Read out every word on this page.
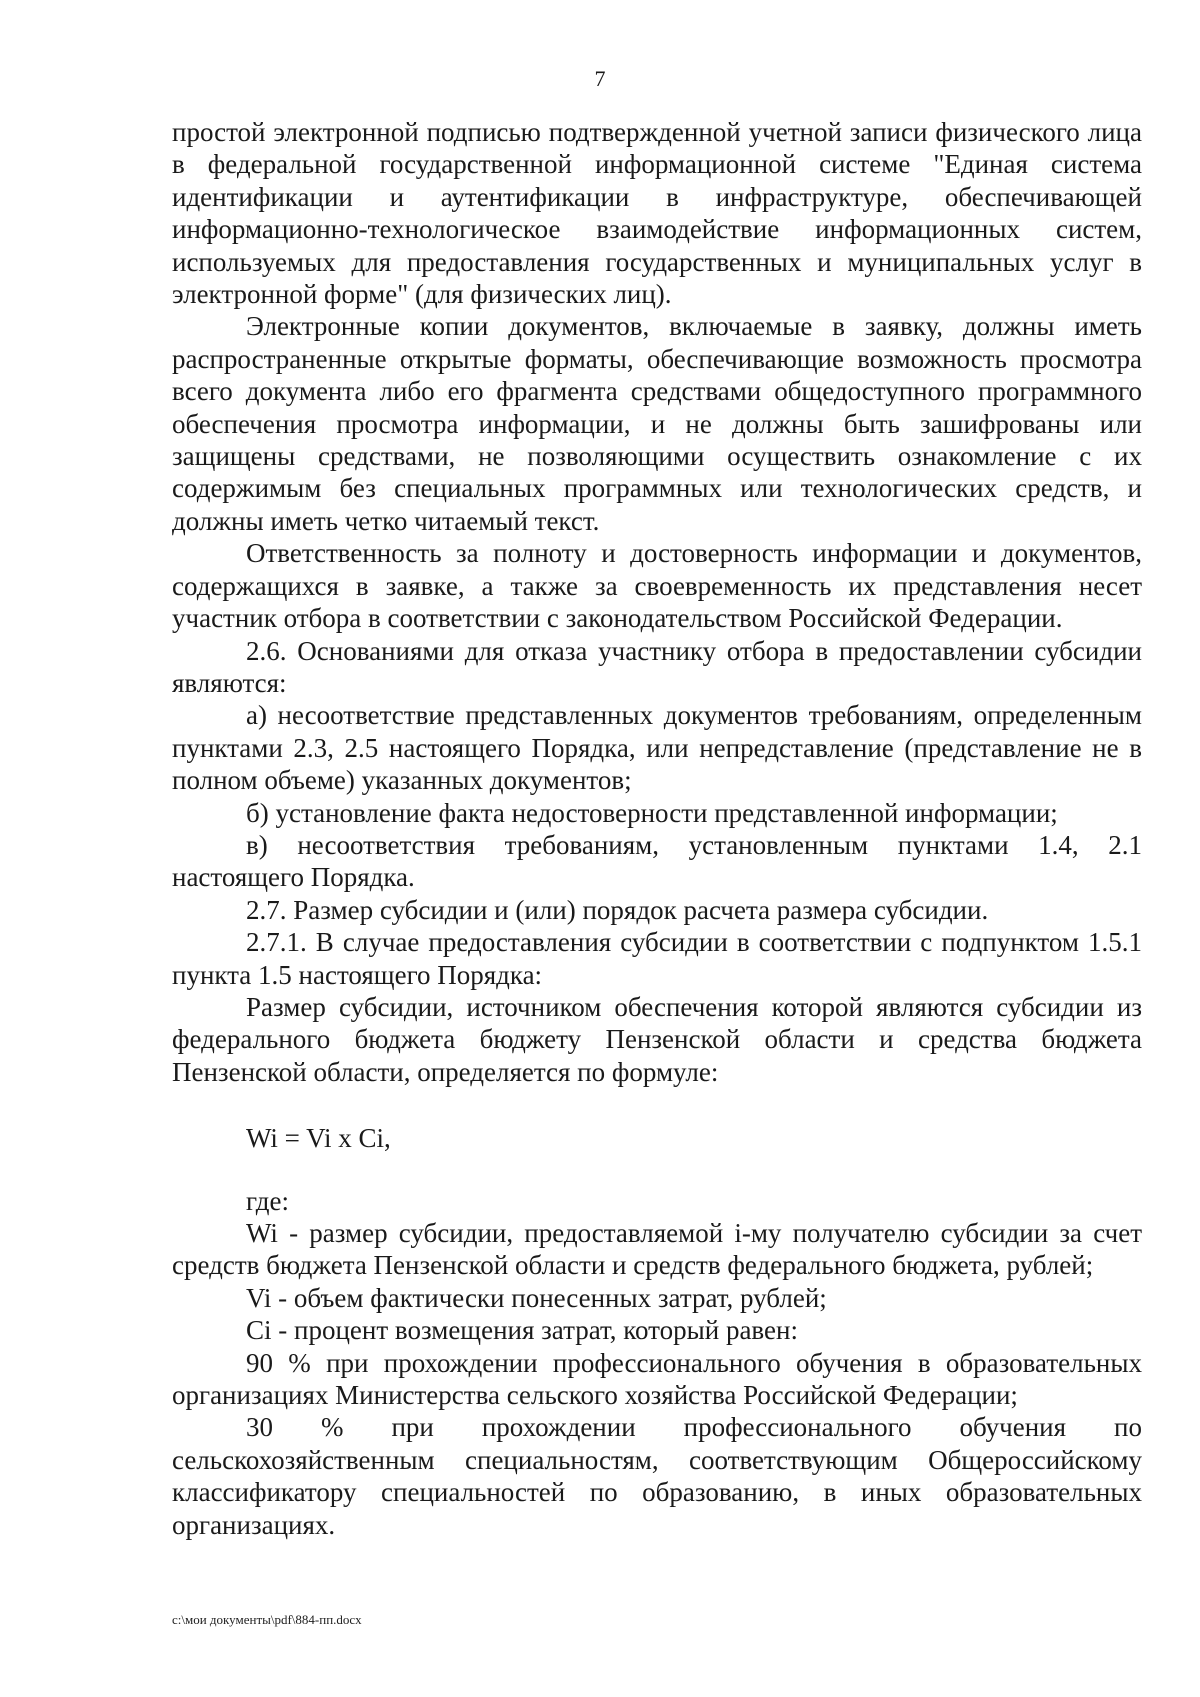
7

простой электронной подписью подтвержденной учетной записи физического лица в федеральной государственной информационной системе "Единая система идентификации и аутентификации в инфраструктуре, обеспечивающей информационно-технологическое взаимодействие информационных систем, используемых для предоставления государственных и муниципальных услуг в электронной форме" (для физических лиц).

Электронные копии документов, включаемые в заявку, должны иметь распространенные открытые форматы, обеспечивающие возможность просмотра всего документа либо его фрагмента средствами общедоступного программного обеспечения просмотра информации, и не должны быть зашифрованы или защищены средствами, не позволяющими осуществить ознакомление с их содержимым без специальных программных или технологических средств, и должны иметь четко читаемый текст.

Ответственность за полноту и достоверность информации и документов, содержащихся в заявке, а также за своевременность их представления несет участник отбора в соответствии с законодательством Российской Федерации.

2.6. Основаниями для отказа участнику отбора в предоставлении субсидии являются:

а) несоответствие представленных документов требованиям, определенным пунктами 2.3, 2.5 настоящего Порядка, или непредставление (представление не в полном объеме) указанных документов;

б) установление факта недостоверности представленной информации;

в) несоответствия требованиям, установленным пунктами 1.4, 2.1 настоящего Порядка.

2.7. Размер субсидии и (или) порядок расчета размера субсидии.

2.7.1. В случае предоставления субсидии в соответствии с подпунктом 1.5.1 пункта 1.5 настоящего Порядка:

Размер субсидии, источником обеспечения которой являются субсидии из федерального бюджета бюджету Пензенской области и средства бюджета Пензенской области, определяется по формуле:

Wi = Vi x Ci,

где:

Wi - размер субсидии, предоставляемой i-му получателю субсидии за счет средств бюджета Пензенской области и средств федерального бюджета, рублей;

Vi - объем фактически понесенных затрат, рублей;

Ci - процент возмещения затрат, который равен:

90 % при прохождении профессионального обучения в образовательных организациях Министерства сельского хозяйства Российской Федерации;

30 % при прохождении профессионального обучения по сельскохозяйственным специальностям, соответствующим Общероссийскому классификатору специальностей по образованию, в иных образовательных организациях.

c:\мои документы\pdf\884-пп.docx
